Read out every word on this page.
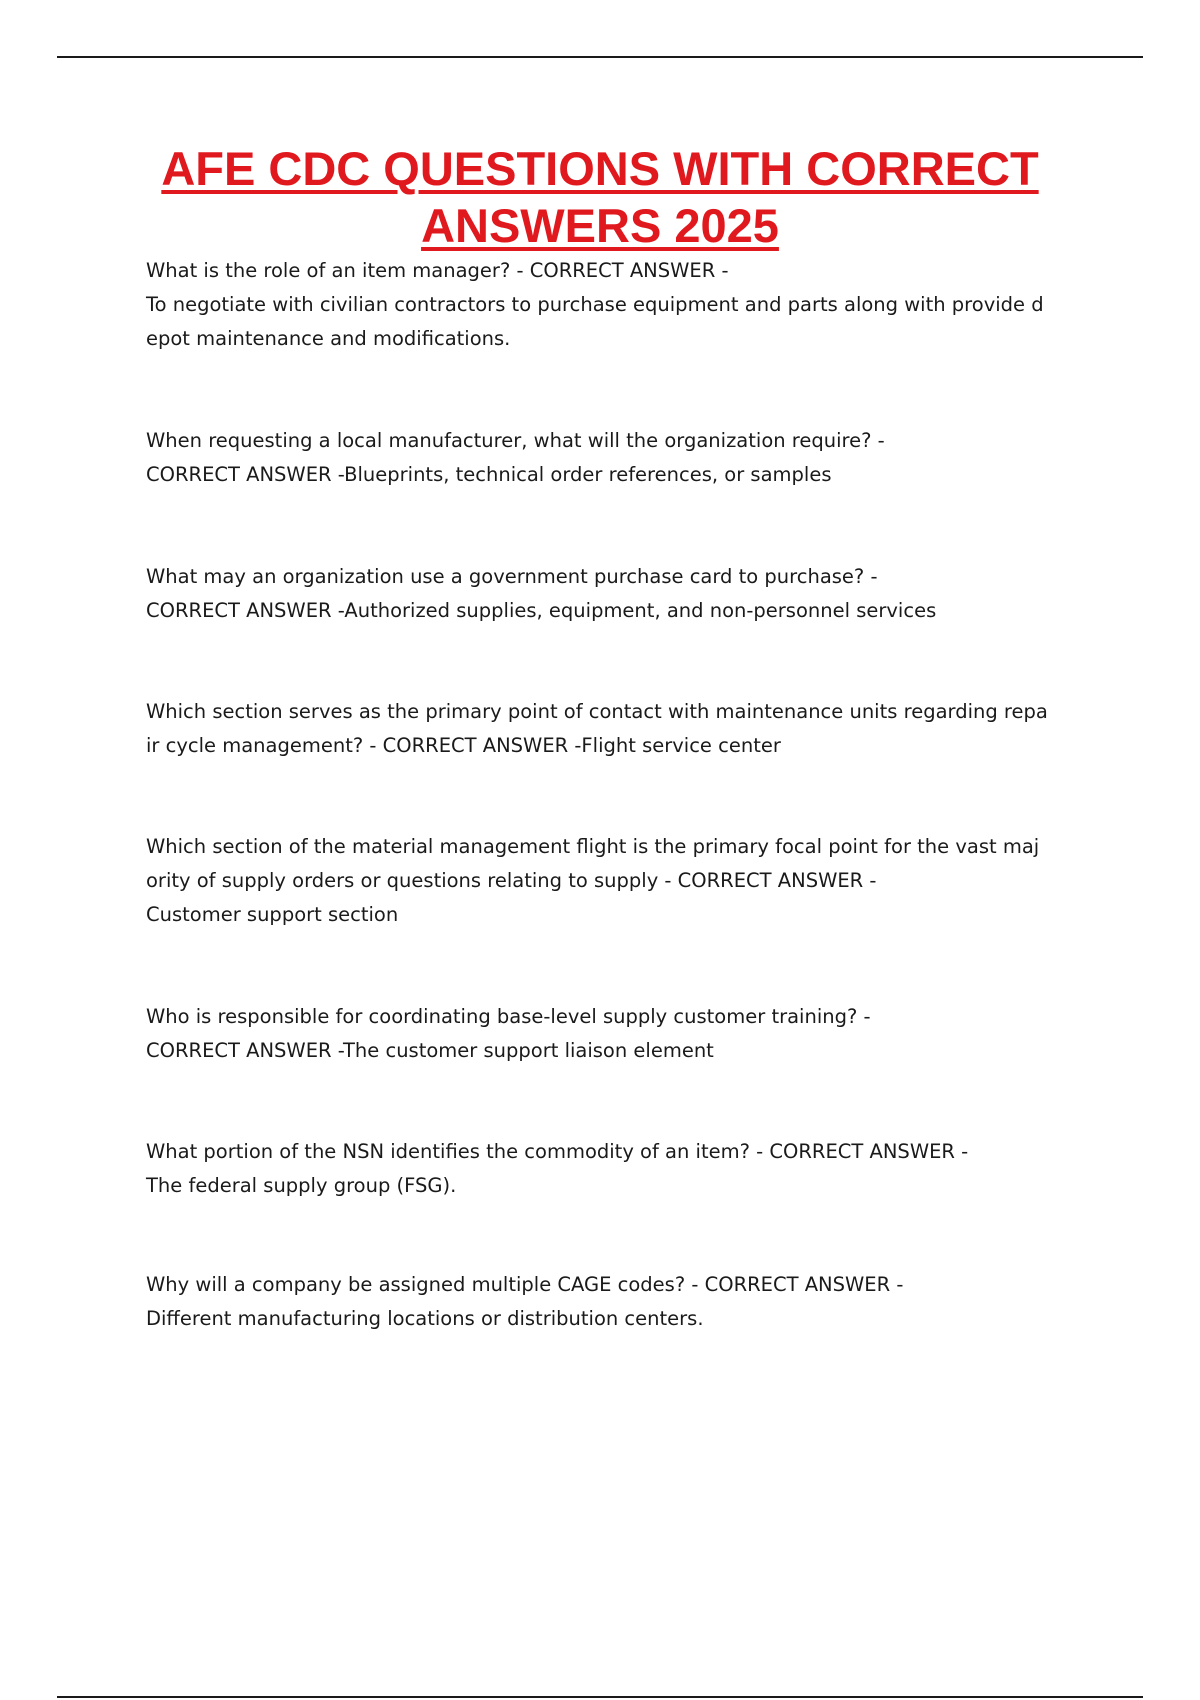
AFE CDC QUESTIONS WITH CORRECT
ANSWERS 2025

What is the role of an item manager? - CORRECT ANSWER -
To negotiate with civilian contractors to purchase equipment and parts along with provide d
epot maintenance and modifications.

When requesting a local manufacturer, what will the organization require? -
CORRECT ANSWER -Blueprints, technical order references, or samples

What may an organization use a government purchase card to purchase? -
CORRECT ANSWER -Authorized supplies, equipment, and non-personnel services

Which section serves as the primary point of contact with maintenance units regarding repa
ir cycle management? - CORRECT ANSWER -Flight service center

Which section of the material management flight is the primary focal point for the vast maj
ority of supply orders or questions relating to supply - CORRECT ANSWER -
Customer support section

Who is responsible for coordinating base-level supply customer training? -
CORRECT ANSWER -The customer support liaison element

What portion of the NSN identifies the commodity of an item? - CORRECT ANSWER -
The federal supply group (FSG).

Why will a company be assigned multiple CAGE codes? - CORRECT ANSWER -
Different manufacturing locations or distribution centers.
